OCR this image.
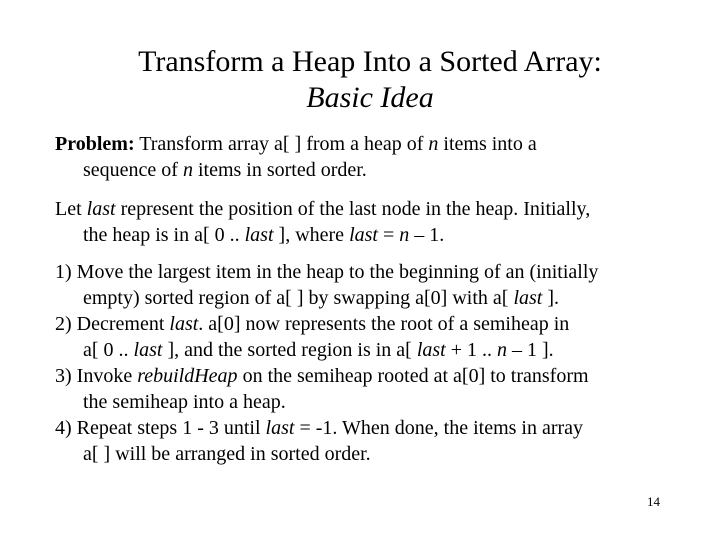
Transform a Heap Into a Sorted Array:
Basic Idea
Problem: Transform array a[ ] from a heap of n items into a
sequence of n items in sorted order.
Let last represent the position of the last node in the heap. Initially,
the heap is in a[ 0 .. last ], where last = n – 1.
1) Move the largest item in the heap to the beginning of an (initially
empty) sorted region of a[ ] by swapping a[0] with a[ last ].
2) Decrement last. a[0] now represents the root of a semiheap in
a[ 0 .. last ], and the sorted region is in a[ last + 1 .. n – 1 ].
3) Invoke rebuildHeap on the semiheap rooted at a[0] to transform
the semiheap into a heap.
4) Repeat steps 1 - 3 until last = -1. When done, the items in array
a[ ] will be arranged in sorted order.
14
